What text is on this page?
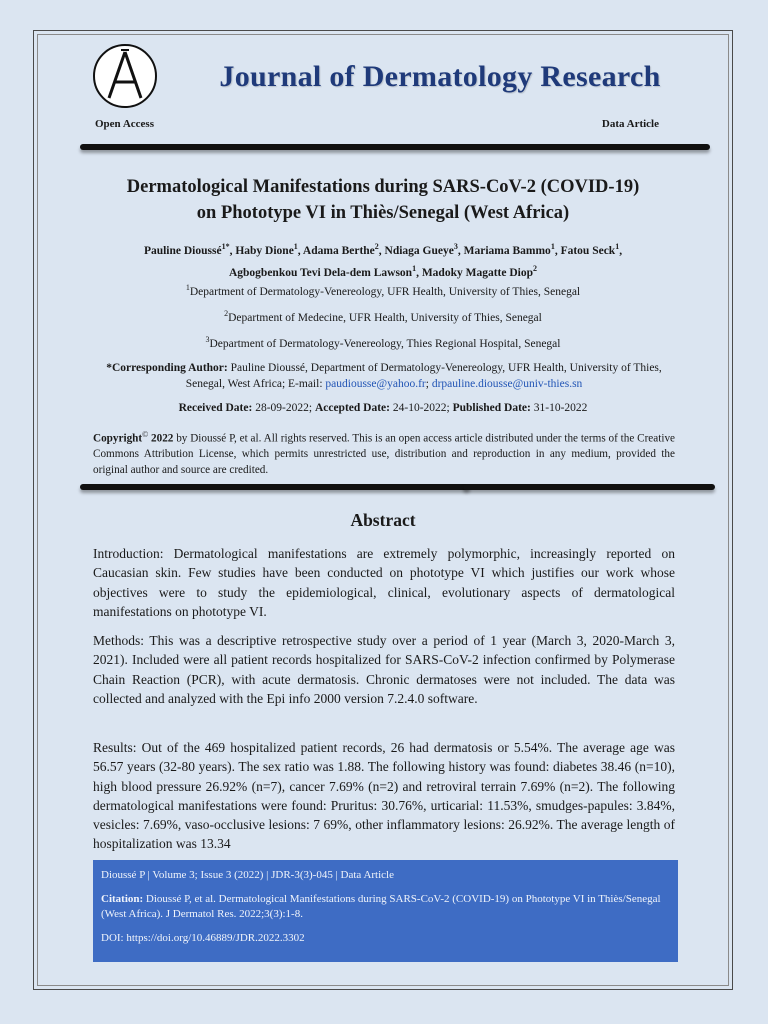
Journal of Dermatology Research
Open Access	Data Article
Dermatological Manifestations during SARS-CoV-2 (COVID-19)
on Phototype VI in Thiès/Senegal (West Africa)
Pauline Dioussé$^{1*}$, Haby Dione$^1$, Adama Berthe$^2$, Ndiaga Gueye$^3$, Mariama Bammo$^1$, Fatou Seck$^1$,
Agbogbenkou Tevi Dela-dem Lawson$^1$, Madoky Magatte Diop$^2$
$^1$Department of Dermatology-Venereology, UFR Health, University of Thies, Senegal
$^2$Department of Medecine, UFR Health, University of Thies, Senegal
$^3$Department of Dermatology-Venereology, Thies Regional Hospital, Senegal
*Corresponding Author: Pauline Dioussé, Department of Dermatology-Venereology, UFR Health, University of Thies, Senegal, West Africa; E-mail: paudiousse@yahoo.fr; drpauline.diousse@univ-thies.sn
Received Date: 28-09-2022; Accepted Date: 24-10-2022; Published Date: 31-10-2022
Copyright© 2022 by Dioussé P, et al. All rights reserved. This is an open access article distributed under the terms of the Creative Commons Attribution License, which permits unrestricted use, distribution and reproduction in any medium, provided the original author and source are credited.
Abstract
Introduction: Dermatological manifestations are extremely polymorphic, increasingly reported on Caucasian skin. Few studies have been conducted on phototype VI which justifies our work whose objectives were to study the epidemiological, clinical, evolutionary aspects of dermatological manifestations on phototype VI.
Methods: This was a descriptive retrospective study over a period of 1 year (March 3, 2020-March 3, 2021). Included were all patient records hospitalized for SARS-CoV-2 infection confirmed by Polymerase Chain Reaction (PCR), with acute dermatosis. Chronic dermatoses were not included. The data was collected and analyzed with the Epi info 2000 version 7.2.4.0 software.
Results: Out of the 469 hospitalized patient records, 26 had dermatosis or 5.54%. The average age was 56.57 years (32-80 years). The sex ratio was 1.88. The following history was found: diabetes 38.46 (n=10), high blood pressure 26.92% (n=7), cancer 7.69% (n=2) and retroviral terrain 7.69% (n=2). The following dermatological manifestations were found: Pruritus: 30.76%, urticarial: 11.53%, smudges-papules: 3.84%, vesicles: 7.69%, vaso-occlusive lesions: 7 69%, other inflammatory lesions: 26.92%. The average length of hospitalization was 13.34
Dioussé P | Volume 3; Issue 3 (2022) | JDR-3(3)-045 | Data Article
Citation: Dioussé P, et al. Dermatological Manifestations during SARS-CoV-2 (COVID-19) on Phototype VI in Thiès/Senegal (West Africa). J Dermatol Res. 2022;3(3):1-8.
DOI: https://doi.org/10.46889/JDR.2022.3302
